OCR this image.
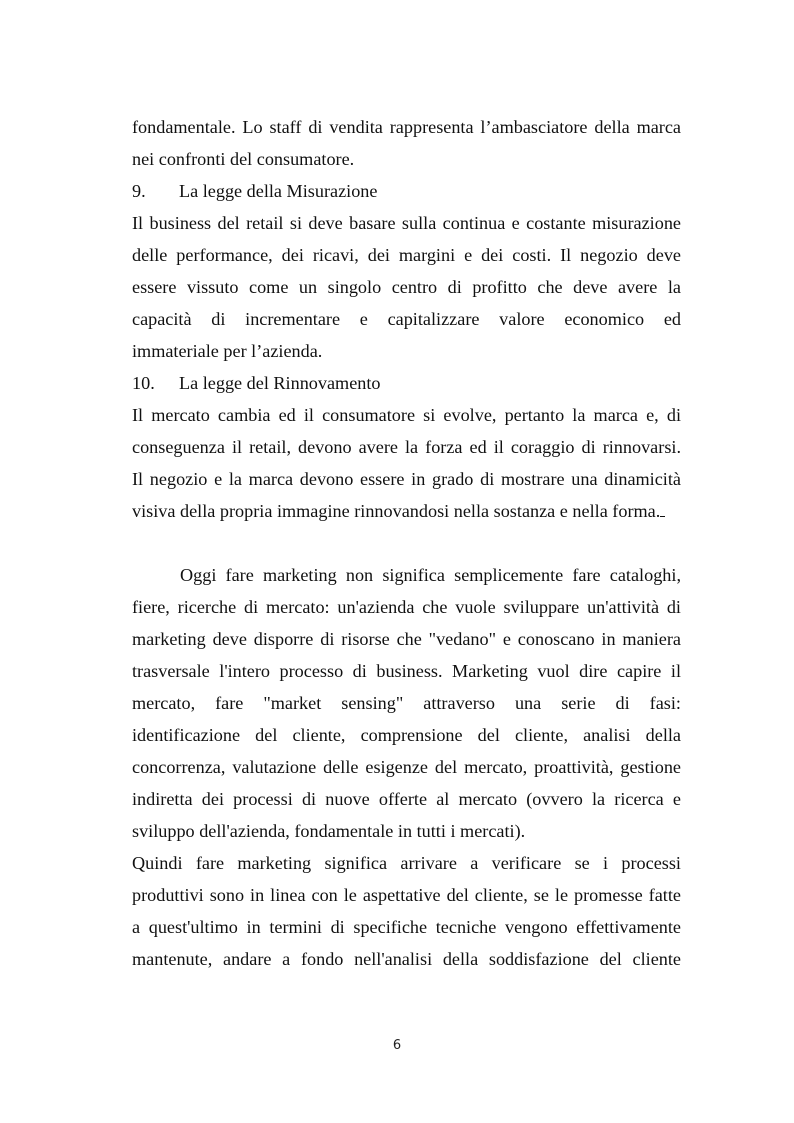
fondamentale. Lo staff di vendita rappresenta l’ambasciatore della marca
nei confronti del consumatore.
9. La legge della Misurazione
Il business del retail si deve basare sulla continua e costante misurazione
delle performance, dei ricavi, dei margini e dei costi. Il negozio deve
essere vissuto come un singolo centro di profitto che deve avere la
capacità di incrementare e capitalizzare valore economico ed
immateriale per l’azienda.
10. La legge del Rinnovamento
Il mercato cambia ed il consumatore si evolve, pertanto la marca e, di
conseguenza il retail, devono avere la forza ed il coraggio di rinnovarsi.
Il negozio e la marca devono essere in grado di mostrare una dinamicità
visiva della propria immagine rinnovandosi nella sostanza e nella forma.
Oggi fare marketing non significa semplicemente fare cataloghi,
fiere, ricerche di mercato: un'azienda che vuole sviluppare un'attività di
marketing deve disporre di risorse che "vedano" e conoscano in maniera
trasversale l'intero processo di business. Marketing vuol dire capire il
mercato, fare "market sensing" attraverso una serie di fasi:
identificazione del cliente, comprensione del cliente, analisi della
concorrenza, valutazione delle esigenze del mercato, proattività, gestione
indiretta dei processi di nuove offerte al mercato (ovvero la ricerca e
sviluppo dell'azienda, fondamentale in tutti i mercati).
Quindi fare marketing significa arrivare a verificare se i processi
produttivi sono in linea con le aspettative del cliente, se le promesse fatte
a quest'ultimo in termini di specifiche tecniche vengono effettivamente
mantenute, andare a fondo nell'analisi della soddisfazione del cliente
6
